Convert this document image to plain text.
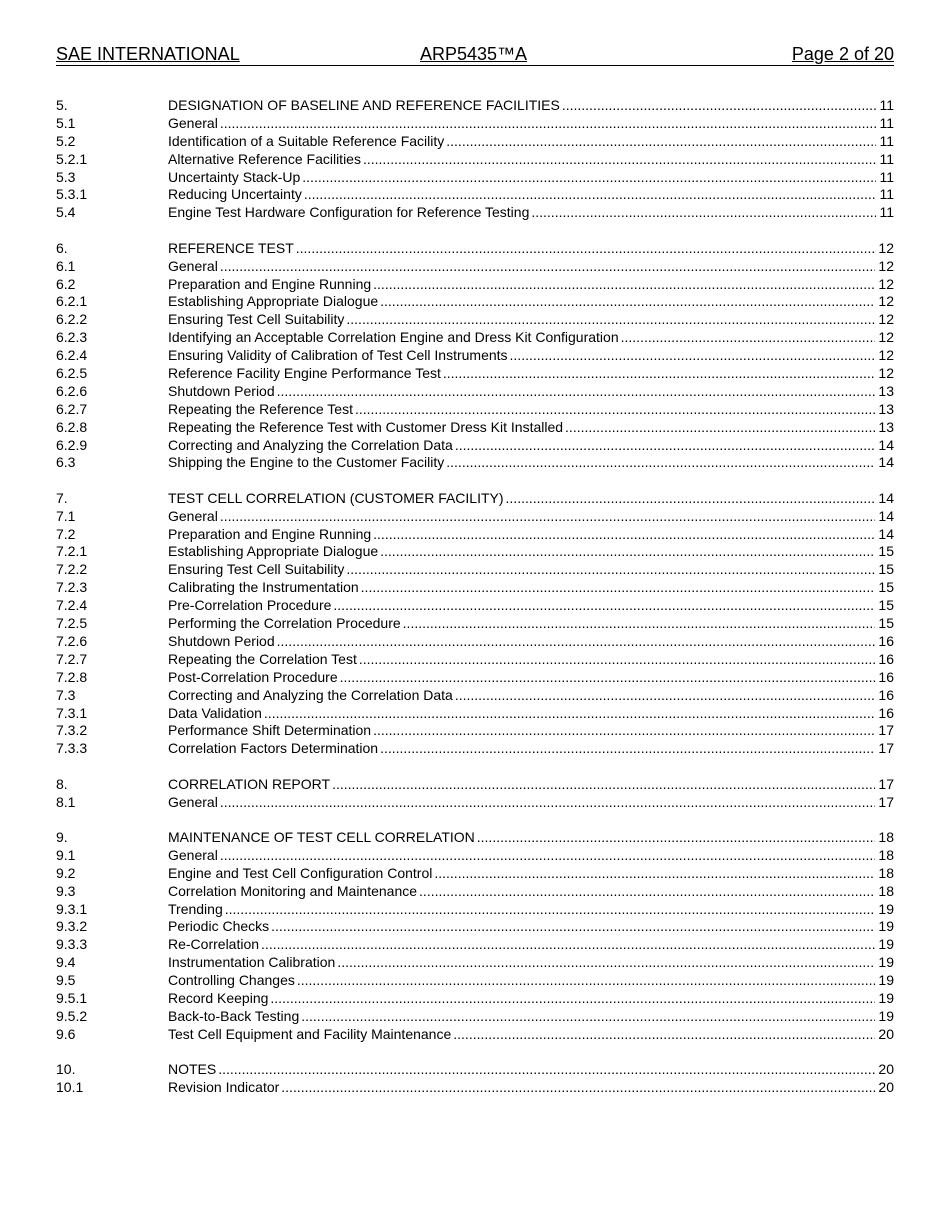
SAE INTERNATIONAL	ARP5435™A	Page 2 of 20
5.	DESIGNATION OF BASELINE AND REFERENCE FACILITIES .....	11
5.1	General .....	11
5.2	Identification of a Suitable Reference Facility .....	11
5.2.1	Alternative Reference Facilities .....	11
5.3	Uncertainty Stack-Up .....	11
5.3.1	Reducing Uncertainty .....	11
5.4	Engine Test Hardware Configuration for Reference Testing .....	11
6.	REFERENCE TEST .....	12
6.1	General .....	12
6.2	Preparation and Engine Running .....	12
6.2.1	Establishing Appropriate Dialogue .....	12
6.2.2	Ensuring Test Cell Suitability .....	12
6.2.3	Identifying an Acceptable Correlation Engine and Dress Kit Configuration .....	12
6.2.4	Ensuring Validity of Calibration of Test Cell Instruments .....	12
6.2.5	Reference Facility Engine Performance Test .....	12
6.2.6	Shutdown Period .....	13
6.2.7	Repeating the Reference Test .....	13
6.2.8	Repeating the Reference Test with Customer Dress Kit Installed .....	13
6.2.9	Correcting and Analyzing the Correlation Data .....	14
6.3	Shipping the Engine to the Customer Facility .....	14
7.	TEST CELL CORRELATION (CUSTOMER FACILITY) .....	14
7.1	General .....	14
7.2	Preparation and Engine Running .....	14
7.2.1	Establishing Appropriate Dialogue .....	15
7.2.2	Ensuring Test Cell Suitability .....	15
7.2.3	Calibrating the Instrumentation .....	15
7.2.4	Pre-Correlation Procedure .....	15
7.2.5	Performing the Correlation Procedure .....	15
7.2.6	Shutdown Period .....	16
7.2.7	Repeating the Correlation Test .....	16
7.2.8	Post-Correlation Procedure .....	16
7.3	Correcting and Analyzing the Correlation Data .....	16
7.3.1	Data Validation .....	16
7.3.2	Performance Shift Determination .....	17
7.3.3	Correlation Factors Determination .....	17
8.	CORRELATION REPORT .....	17
8.1	General .....	17
9.	MAINTENANCE OF TEST CELL CORRELATION .....	18
9.1	General .....	18
9.2	Engine and Test Cell Configuration Control .....	18
9.3	Correlation Monitoring and Maintenance .....	18
9.3.1	Trending .....	19
9.3.2	Periodic Checks .....	19
9.3.3	Re-Correlation .....	19
9.4	Instrumentation Calibration .....	19
9.5	Controlling Changes .....	19
9.5.1	Record Keeping .....	19
9.5.2	Back-to-Back Testing .....	19
9.6	Test Cell Equipment and Facility Maintenance .....	20
10.	NOTES .....	20
10.1	Revision Indicator .....	20
